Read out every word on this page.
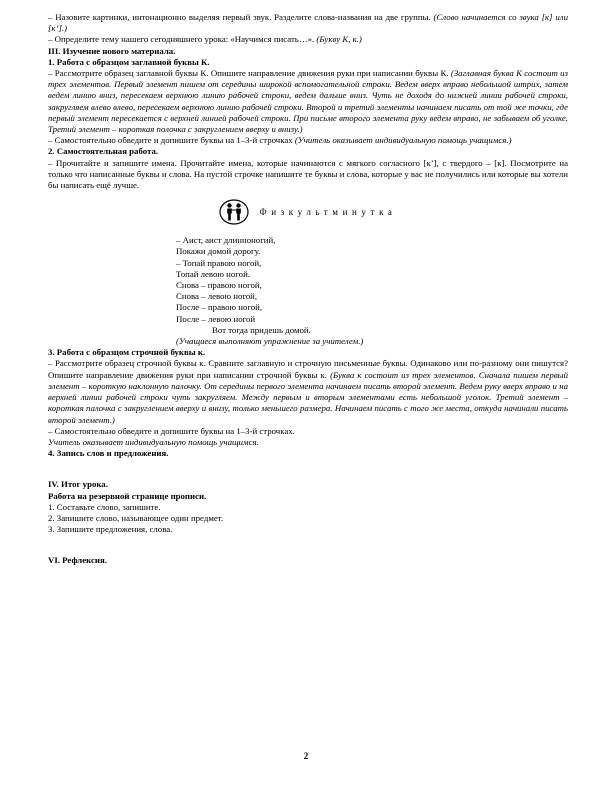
– Назовите картинки, интонационно выделяя первый звук. Разделите слова-названия на две группы. (Слово начинается со звука [к] или [к’].)

– Определите тему нашего сегодняшнего урока: «Научимся писать…». (Букву К, к.)

III. Изучение нового материала.

1. Работа с образцом заглавной буквы К.

– Рассмотрите образец заглавной буквы К. Опишите направление движения руки при написании буквы К. (Заглавная буква К состоит из трех элементов. Первый элемент пишем от середины широкой вспомогательной строки. Ведем вверх вправо небольшой штрих, затем ведем линию вниз, пересекаем верхнюю линию рабочей строки, ведем дальше вниз. Чуть не доходя до нижней линии рабочей строки, закругляем влево влево, пересекаем верхнюю линию рабочей строки. Второй и третий элементы начинаем писать от той же точки, где первый элемент пересекается с верхней линией рабочей строки. При письме второго элемента руку ведем вправо, не забываем об уголке. Третий элемент – короткая полочка с закруглением вверху и внизу.)

– Самостоятельно обведите и допишите буквы на 1–3-й строчках (Учитель оказывает индивидуальную помощь учащимся.)

2. Самостоятельная работа.

– Прочитайте и запишите имена. Прочитайте имена, которые начинаются с мягкого согласного [к’], с твердого – [к]. Посмотрите на только что написанные буквы и слова. На пустой строчке напишите те буквы и слова, которые у вас не получились или которые вы хотели бы написать ещё лучше.

Физкультминутка

– Аист, аист длинноногий,

Покажи домой дорогу.

– Топай правою ногой,

Топай левою ногой.

Снова – правою ногой,

Снова – левою ногой,

После – правою ногой,

После – левою ногой

Вот тогда придешь домой.

(Учащиеся выполняют упражнение за учителем.)

3. Работа с образцом строчной буквы к.

– Рассмотрите образец строчной буквы к. Сравните заглавную и строчную письменные буквы. Одинаково или по-разному они пишутся? Опишите направление движения руки при написании строчной буквы к. (Буква к состоит из трех элементов. Сначала пишем первый элемент – короткую наклонную палочку. От середины первого элемента начинаем писать второй элемент. Ведем руку вверх вправо и на верхней линии рабочей строки чуть закругляем. Между первым и вторым элементами есть небольшой уголок. Третий элемент – короткая палочка с закруглением вверху и внизу, только меньшего размера. Начинаем писать с того же места, откуда начинали писать второй элемент.)

– Самостоятельно обведите и допишите буквы на 1–3-й строчках.

Учитель оказывает индивидуальную помощь учащимся.

4. Запись слов и предложения.

IV. Итог урока.

Работа на резервной странице прописи.

1. Составьте слово, запишите.

2. Запишите слово, называющее один предмет.

3. Запишите предложения, слова.

VI. Рефлексия.

2
